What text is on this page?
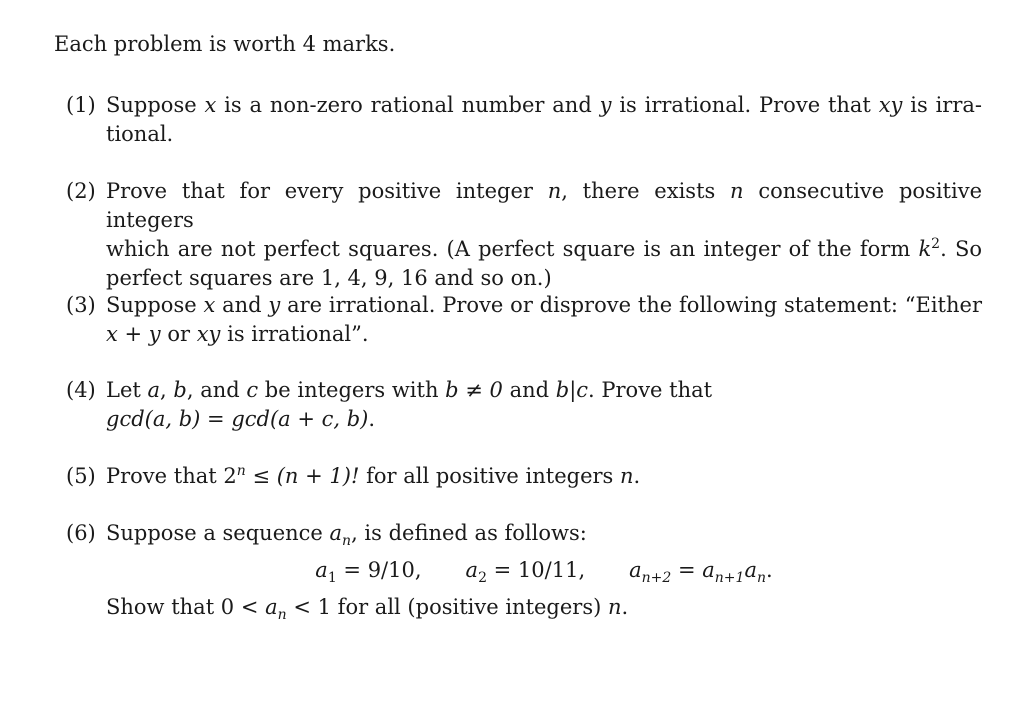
Each problem is worth 4 marks.
(1) Suppose x is a non-zero rational number and y is irrational. Prove that xy is irra-
tional.
(2) Prove that for every positive integer n, there exists n consecutive positive integers
which are not perfect squares. (A perfect square is an integer of the form $k^2$. So
perfect squares are 1, 4, 9, 16 and so on.)
(3) Suppose x and y are irrational. Prove or disprove the following statement: “Either
x + y or xy is irrational”.
(4) Let a, b, and c be integers with b ≠ 0 and b|c. Prove that
gcd(a, b) = gcd(a + c, b).
(5) Prove that $2^n \le (n + 1)$! for all positive integers n.
(6) Suppose a sequence $a_n$, is defined as follows:
$a_1 = 9/10$, $a_2 = 10/11$, $a_{n+2} = a_{n+1}a_n$.
Show that $0 < a_n < 1$ for all (positive integers) n.
